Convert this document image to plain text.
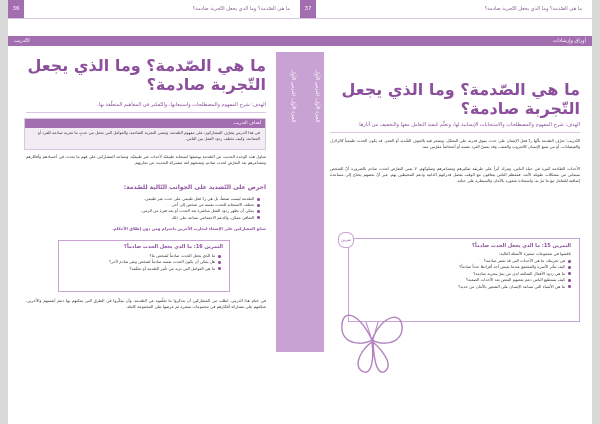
ما هي الصّدمة؟ وما الذي يجعل التّجربة صادمة؟
36
التّدريب
الجزء الأول: الدرس الأول
ما هي الصّدمة؟ وما الذي يجعل التّجربة صادمة؟
الهدف: شرح المفهوم والمصطلحات واستيعابها، والتّفكير في المفاهيم المتعلّقة بها.
أهداف التدريب
في هذا الدرس يتعرّف المشاركون على مفهوم الصّدمة، ومعنى التجربة الصادمة، والعوامل التي تجعل من حدثٍ ما تجربة صادمة للفرد أو الجماعة، وكيف تختلف ردود الفعل بين الناس.
تتناول هذه الوحدة الحديث عن الصّدمة بوصفها استجابة طبيعيّة لأحداث غير طبيعيّة، وتساعد المشاركين على فهم ما يحدث في أجسادهم وأفكارهم ومشاعرهم بعد التعرّض لحدث صادم، وتمنحهم لغة مشتركة للحديث عن تجاربهم.
احرص على التّشديد على الجوانب التّالية للصّدمة:
الصّدمة ليست ضعفاً، بل هي ردّ فعل طبيعي على حدث غير طبيعي.
تختلف الاستجابة للحدث نفسه من شخص إلى آخر.
يمكن أن تظهر ردود الفعل مباشرة بعد الحدث أو بعد فترة من الزمن.
التعافي ممكن، والدعم الاجتماعي يساعد على ذلك.
شجّع المشاركين على الإصغاء لتجارب الآخرين باحترام ومن دون إطلاق الأحكام.
التمرين 16: ما الذي يجعل الحدث صادماً؟
ما الذي يجعل الحدث صادماً لشخص ما؟
هل يمكن أن يكون الحدث نفسه صادماً لشخص وغير صادم لآخر؟
ما هي العوامل التي تزيد من تأثير الصّدمة أو تخفّفه؟
في ختام هذا الدرس، اطلب من المشاركين أن يتذكروا ما تعلّموه عن الصّدمة، وأن يفكّروا في الطرق التي يمكنهم بها دعم أنفسهم والآخرين. شجّعهم على مشاركة أفكارهم في مجموعات صغيرة ثم عرضها على المجموعة كاملة.
ما هي الصّدمة؟ وما الذي يجعل التّجربة صادمة؟
37
أوراق وإرشادات
الجزء الأول: الدرس الأول ما هي الصّدمة؟ وما الذي يجعل التّجربة صادمة؟
الهدف: شرح المفهوم والمصطلحات والاستجابات الإنسانية لها، وتعلّم كيفية التعامل معها والتخفيف من آثارها.
التّدريب: تعرّف الصّدمة بأنّها ردّ فعل الإنسان على حدث يفوق قدرته على التحمّل، ويشعر فيه بالخوف الشّديد أو العجز. قد يكون الحدث طبيعياً كالزلازل والفيضانات، أو من صنع الإنسان كالحروب والعنف، وقد يمسّ الفرد نفسه أو أشخاصاً مقرّبين منه.
الأحداث الصّادمة كثيرة في حياة الناس، وتترك أثراً على طريقة تفكيرهم ومشاعرهم وسلوكهم. لا يعني التعرّض لحدث صادم بالضرورة أنّ الشخص سيعاني من مشكلات طويلة الأمد، فمعظم الناس يتعافون مع الوقت بفضل قدراتهم الذاتية ودعم المحيطين بهم. غير أنّ بعضهم يحتاج إلى مساعدة إضافية للتعامل مع ما مرّ به، واستعادة شعوره بالأمان والسيطرة على حياته.
التمرين 15: ما الذي يجعل الحدث صادماً؟
ناقشوا في مجموعات صغيرة الأسئلة التالية:
في تجربتك، ما هي الأحداث التي قد تعتبر صادمة؟
كيف تتأثر الأسرة والمجتمع عندما يعيش أحد أفرادها حدثاً صادماً؟
ما هي ردود الأفعال الشائعة لدى من يمرّ بتجربة صادمة؟
كيف يستطيع الناس دعم بعضهم البعض بعد الأحداث الصعبة؟
ما هي الأشياء التي تساعد الإنسان على الشعور بالأمان من جديد؟
تمرين
